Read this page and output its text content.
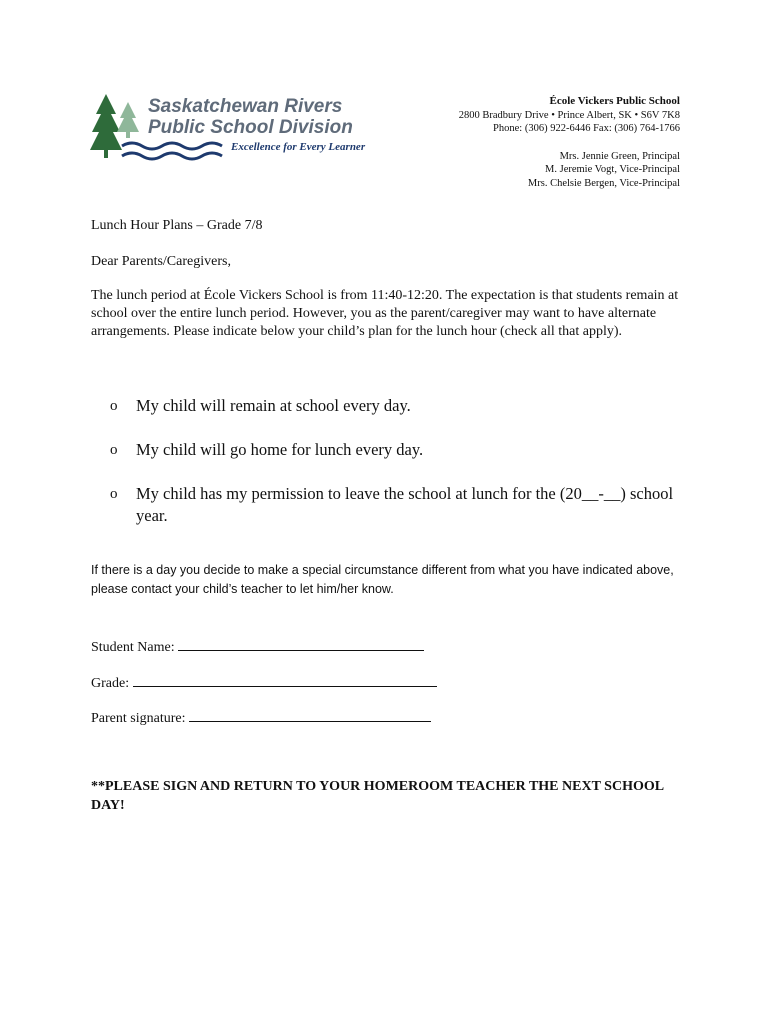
Saskatchewan Rivers
Public School Division
Excellence for Every Learner
École Vickers Public School
2800 Bradbury Drive • Prince Albert, SK • S6V 7K8
Phone: (306) 922-6446 Fax: (306) 764-1766
Mrs. Jennie Green, Principal
M. Jeremie Vogt, Vice-Principal
Mrs. Chelsie Bergen, Vice-Principal
Lunch Hour Plans – Grade 7/8
Dear Parents/Caregivers,
The lunch period at École Vickers School is from 11:40-12:20. The expectation is that students remain at school over the entire lunch period. However, you as the parent/caregiver may want to have alternate arrangements. Please indicate below your child’s plan for the lunch hour (check all that apply).
o	My child will remain at school every day.
o	My child will go home for lunch every day.
o	My child has my permission to leave the school at lunch for the (20__-__) school year.
If there is a day you decide to make a special circumstance different from what you have indicated above, please contact your child’s teacher to let him/her know.
Student Name:
Grade:
Parent signature:
**PLEASE SIGN AND RETURN TO YOUR HOMEROOM TEACHER THE NEXT SCHOOL DAY!
